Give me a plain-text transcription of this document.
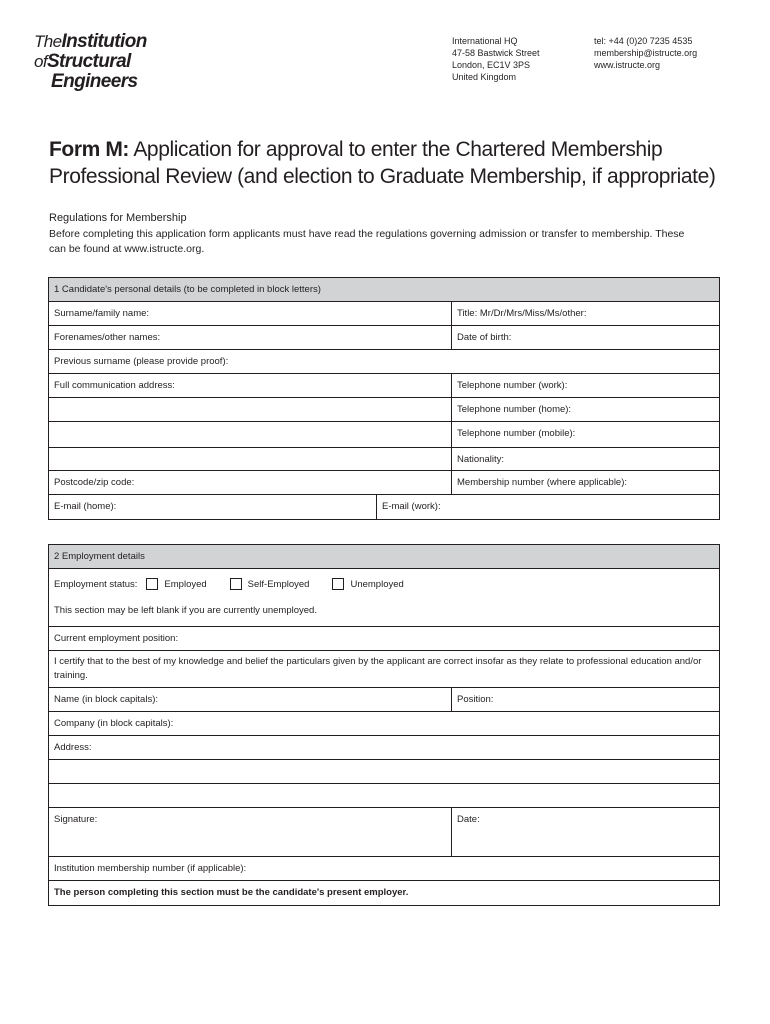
TheInstitution
ofStructural
Engineers
International HQ
47-58 Bastwick Street
London, EC1V 3PS
United Kingdom
tel: +44 (0)20 7235 4535
membership@istructe.org
www.istructe.org
Form M: Application for approval to enter the Chartered Membership Professional Review (and election to Graduate Membership, if appropriate)
Regulations for Membership
Before completing this application form applicants must have read the regulations governing admission or transfer to membership. These can be found at www.istructe.org.
1 Candidate's personal details (to be completed in block letters)
Surname/family name:	Title: Mr/Dr/Mrs/Miss/Ms/other:
Forenames/other names:	Date of birth:
Previous surname (please provide proof):
Full communication address:	Telephone number (work):
Telephone number (home):
Telephone number (mobile):
Nationality:
Postcode/zip code:	Membership number (where applicable):
E-mail (home):	E-mail (work):
2 Employment details
Employment status:	Employed	Self-Employed	Unemployed
This section may be left blank if you are currently unemployed.
Current employment position:
I certify that to the best of my knowledge and belief the particulars given by the applicant are correct insofar as they relate to professional education and/or training.
Name (in block capitals):	Position:
Company (in block capitals):
Address:
Signature:	Date:
Institution membership number (if applicable):
The person completing this section must be the candidate's present employer.
